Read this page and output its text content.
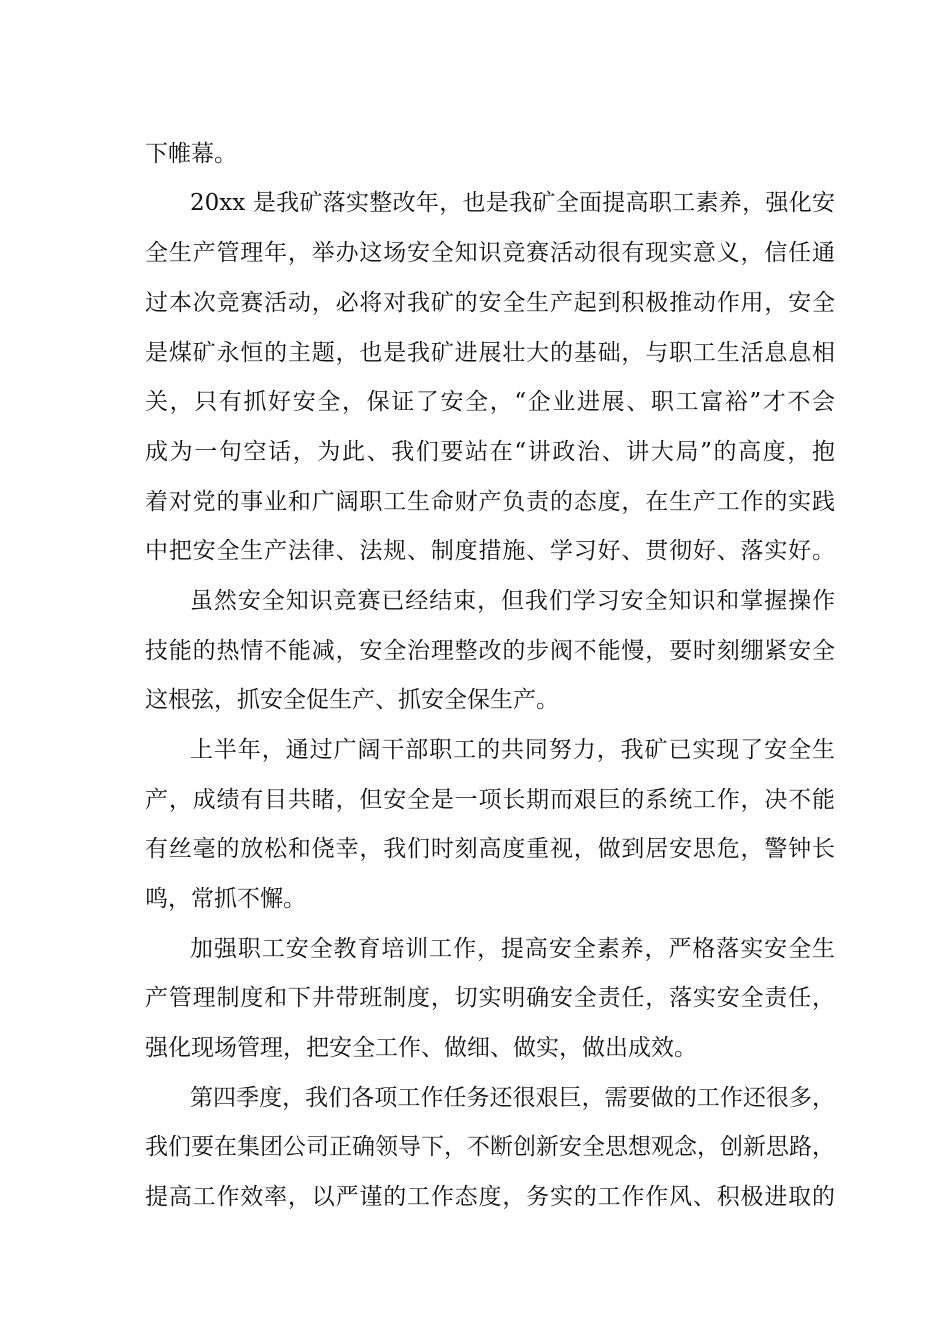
下帷幕。
20xx 是我矿落实整改年，也是我矿全面提高职工素养，强化安
全生产管理年，举办这场安全知识竞赛活动很有现实意义，信任通
过本次竞赛活动，必将对我矿的安全生产起到积极推动作用，安全
是煤矿永恒的主题，也是我矿进展壮大的基础，与职工生活息息相
关，只有抓好安全，保证了安全，“企业进展、职工富裕”才不会
成为一句空话，为此、我们要站在“讲政治、讲大局”的高度，抱
着对党的事业和广阔职工生命财产负责的态度，在生产工作的实践
中把安全生产法律、法规、制度措施、学习好、贯彻好、落实好。
虽然安全知识竞赛已经结束，但我们学习安全知识和掌握操作
技能的热情不能减，安全治理整改的步阀不能慢，要时刻绷紧安全
这根弦，抓安全促生产、抓安全保生产。
上半年，通过广阔干部职工的共同努力，我矿已实现了安全生
产，成绩有目共睹，但安全是一项长期而艰巨的系统工作，决不能
有丝毫的放松和侥幸，我们时刻高度重视，做到居安思危，警钟长
鸣，常抓不懈。
加强职工安全教育培训工作，提高安全素养，严格落实安全生
产管理制度和下井带班制度，切实明确安全责任，落实安全责任，
强化现场管理，把安全工作、做细、做实，做出成效。
第四季度，我们各项工作任务还很艰巨，需要做的工作还很多，
我们要在集团公司正确领导下，不断创新安全思想观念，创新思路，
提高工作效率，以严谨的工作态度，务实的工作作风、积极进取的
